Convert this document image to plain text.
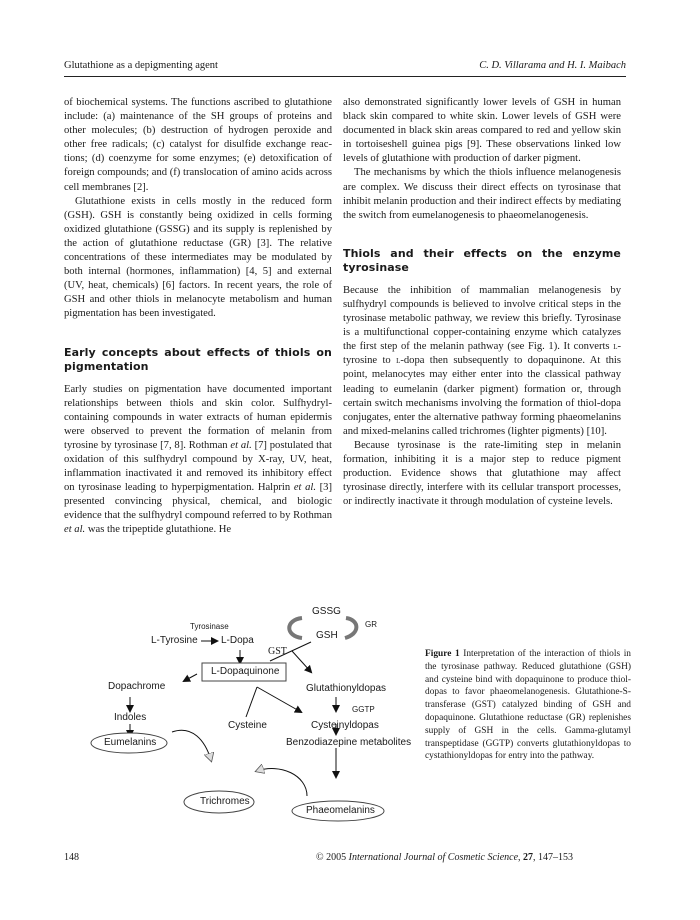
Glutathione as a depigmenting agent	C. D. Villarama and H. I. Maibach

of biochemical systems. The functions ascribed to glutathione include: (a) maintenance of the SH groups of proteins and other molecules; (b) destruction of hydrogen peroxide and other free radicals; (c) catalyst for disulfide exchange reactions; (d) coenzyme for some enzymes; (e) detoxification of foreign compounds; and (f) translocation of amino acids across cell membranes [2].

Glutathione exists in cells mostly in the reduced form (GSH). GSH is constantly being oxidized in cells forming oxidized glutathione (GSSG) and its supply is replenished by the action of glutathione reductase (GR) [3]. The relative concentrations of these intermediates may be modulated by both internal (hormones, inflammation) [4, 5] and external (UV, heat, chemicals) [6] factors. In recent years, the role of GSH and other thiols in melanocyte metabolism and human pigmentation has been investigated.

Early concepts about effects of thiols on pigmentation

Early studies on pigmentation have documented important relationships between thiols and skin color. Sulfhydryl-containing compounds in water extracts of human epidermis were observed to prevent the formation of melanin from tyrosine by tyrosinase [7, 8]. Rothman et al. [7] postulated that oxidation of this sulfhydryl compound by X-ray, UV, heat, inflammation inactivated it and removed its inhibitory effect on tyrosinase leading to hyperpigmentation. Halprin et al. [3] presented convincing physical, chemical, and biologic evidence that the sulfhydryl compound referred to by Rothman et al. was the tripeptide glutathione. He

also demonstrated significantly lower levels of GSH in human black skin compared to white skin. Lower levels of GSH were documented in black skin areas compared to red and yellow skin in tortoiseshell guinea pigs [9]. These observations linked low levels of glutathione with production of darker pigment.

The mechanisms by which the thiols influence melanogenesis are complex. We discuss their direct effects on tyrosinase that inhibit melanin production and their indirect effects by mediating the switch from eumelanogenesis to phaeomelanogenesis.

Thiols and their effects on the enzyme tyrosinase

Because the inhibition of mammalian melanogenesis by sulfhydryl compounds is believed to involve critical steps in the tyrosinase metabolic pathway, we review this briefly. Tyrosinase is a multifunctional copper-containing enzyme which catalyzes the first step of the melanin pathway (see Fig. 1). It converts l-tyrosine to l-dopa then subsequently to dopaquinone. At this point, melanocytes may either enter into the classical pathway leading to eumelanin (darker pigment) formation or, through certain switch mechanisms involving the formation of thiol-dopa conjugates, enter the alternative pathway forming phaeomelanins and mixed-melanins called trichromes (lighter pigments) [10].

Because tyrosinase is the rate-limiting step in melanin formation, inhibiting it is a major step to reduce pigment production. Evidence shows that glutathione may affect tyrosinase directly, interfere with its cellular transport processes, or indirectly inactivate it through modulation of cysteine levels.

GSSG
GR
GSH
Tyrosinase
L-Tyrosine L-Dopa
GST
L-Dopaquinone
Dopachrome	Glutathionyldopas
GGTP
Indoles
Cysteine	Cysteinyldopas
Eumelanins	Benzodiazepine metabolites
Trichromes
Phaeomelanins
Figure 1 Interpretation of the interaction of thiols in the tyrosinase pathway. Reduced glutathione (GSH) and cysteine bind with dopaquinone to produce thiol-dopas to favor phaeomelanogenesis. Glutathione-S-transferase (GST) catalyzed binding of GSH and dopaquinone. Glutathione reductase (GR) replenishes supply of GSH in the cells. Gamma-glutamyl transpeptidase (GGTP) converts glutathionyldopas to cystathionyldopas for entry into the pathway.
148	© 2005 International Journal of Cosmetic Science, 27, 147–153
